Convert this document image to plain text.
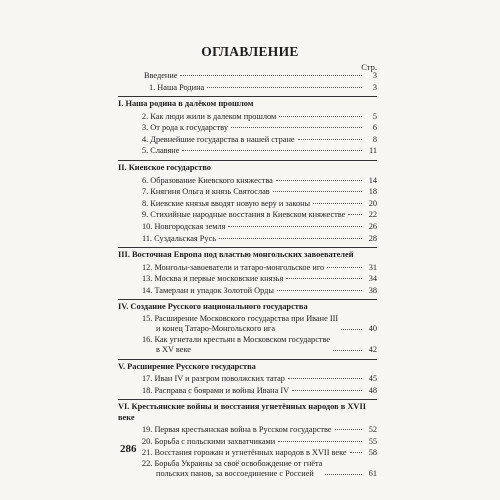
ОГЛАВЛЕНИЕ
Стр.
Введение	3
1. Наша Родина	3
I. Наша родина в далёком прошлом
2. Как люди жили в далеком прошлом	5
3. От рода к государству	6
4. Древнейшие государства в нашей стране	8
5. Славяне	11
II. Киевское государство
6. Образование Киевского княжества	14
7. Княгиня Ольга и князь Святослав	18
8. Киевские князья вводят новую веру и законы	20
9. Стихийные народные восстания в Киевском княжестве	22
10. Новгородская земля	26
11. Суздальская Русь	28
III. Восточная Европа под властью монгольских завоевателей
12. Монголы-завоеватели и татаро-монгольское иго	31
13. Москва и первые московские князья	34
14. Тамерлан и упадок Золотой Орды	38
IV. Создание Русского национального государства
15. Расширение Московского государства при Иване III
и конец Татаро-Монгольского ига	40
16. Как угнетали крестьян в Московском государстве
в XV веке	42
V. Расширение Русского государства
17. Иван IV и разгром поволжских татар	45
18. Расправа с боярами и войны Ивана IV	48
VI. Крестьянские войны и восстания угнетённых народов в XVII веке
19. Первая крестьянская война в Русском государстве	52
20. Борьба с польскими захватчиками	55
21. Восстания горожан и угнетённых народов в XVII веке	58
22. Борьба Украины за своё освобождение от гнёта
польских панов, за воссоединение с Россией	61
286
